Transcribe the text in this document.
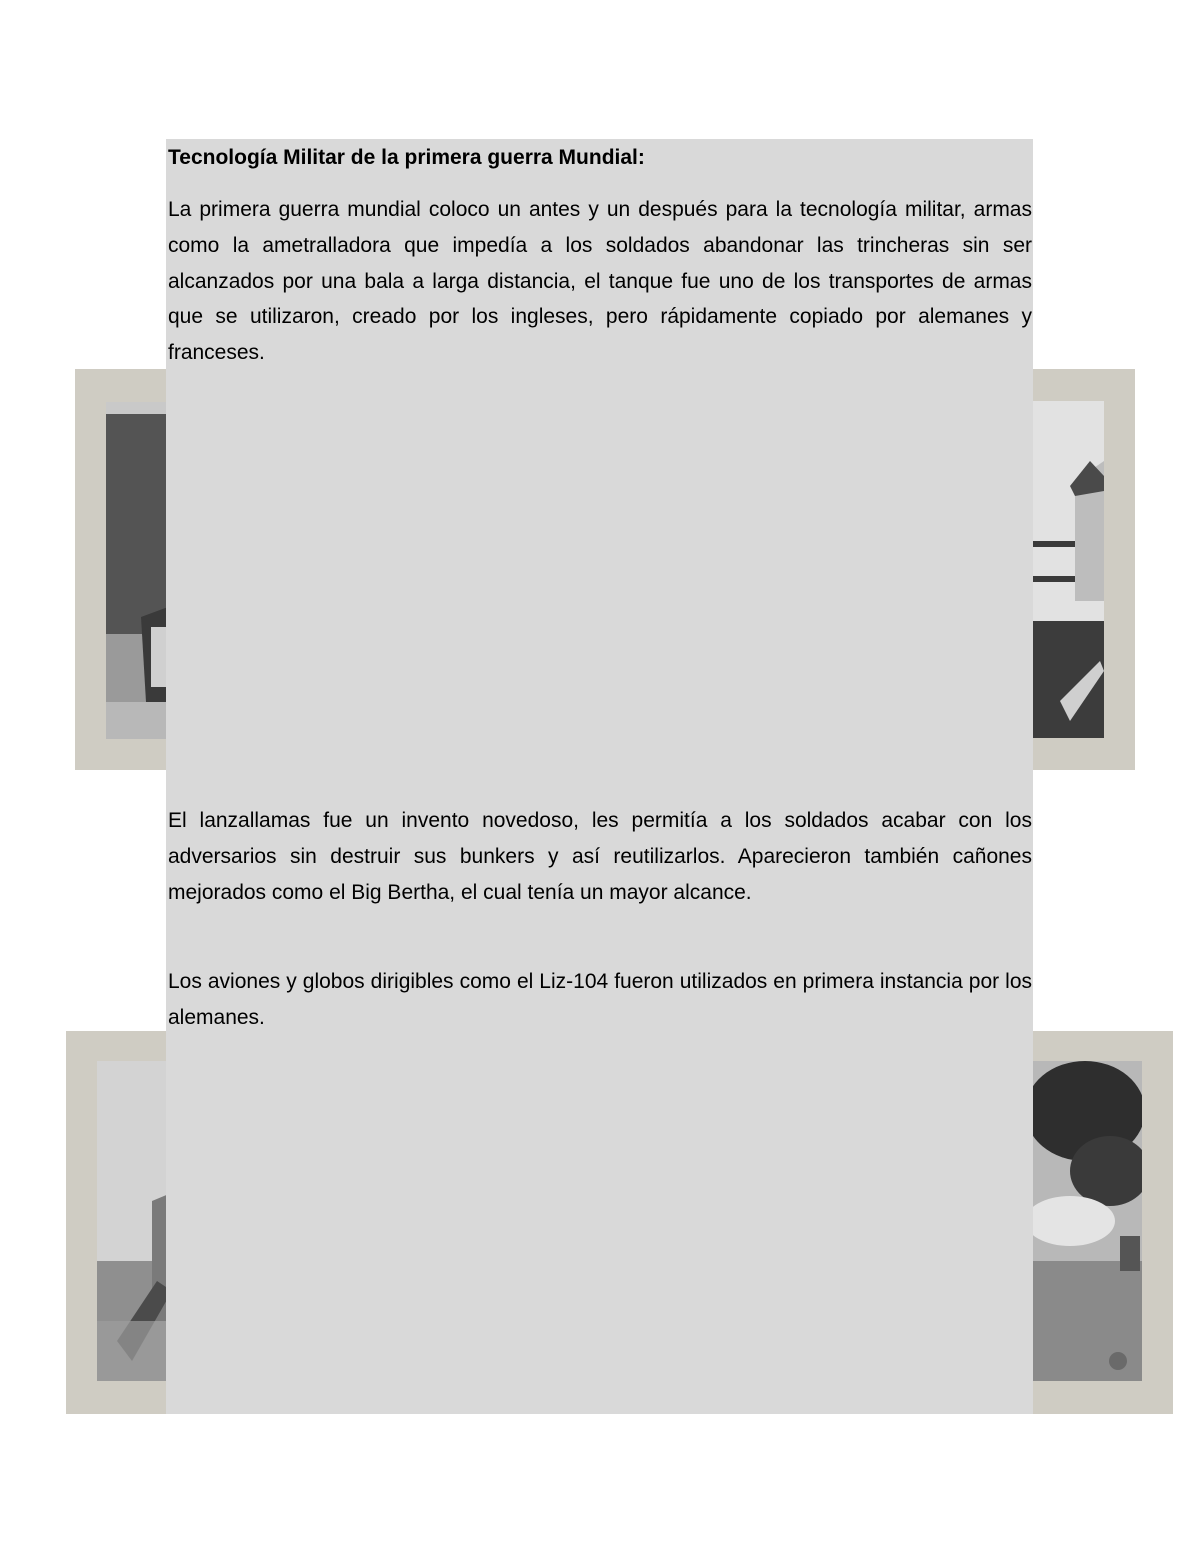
Tecnología Militar de la primera guerra Mundial:

La primera guerra mundial coloco un antes y un después para la tecnología militar, armas como la ametralladora que impedía a los soldados abandonar las trincheras sin ser alcanzados por una bala a larga distancia, el tanque fue uno de los transportes de armas que se utilizaron, creado por los ingleses, pero rápidamente copiado por alemanes y franceses.

El lanzallamas fue un invento novedoso, les permitía a los soldados acabar con los adversarios sin destruir sus bunkers y así reutilizarlos. Aparecieron también cañones mejorados como el Big Bertha, el cual tenía un mayor alcance.

Los aviones y globos dirigibles como el Liz-104 fueron utilizados en primera instancia por los alemanes.
